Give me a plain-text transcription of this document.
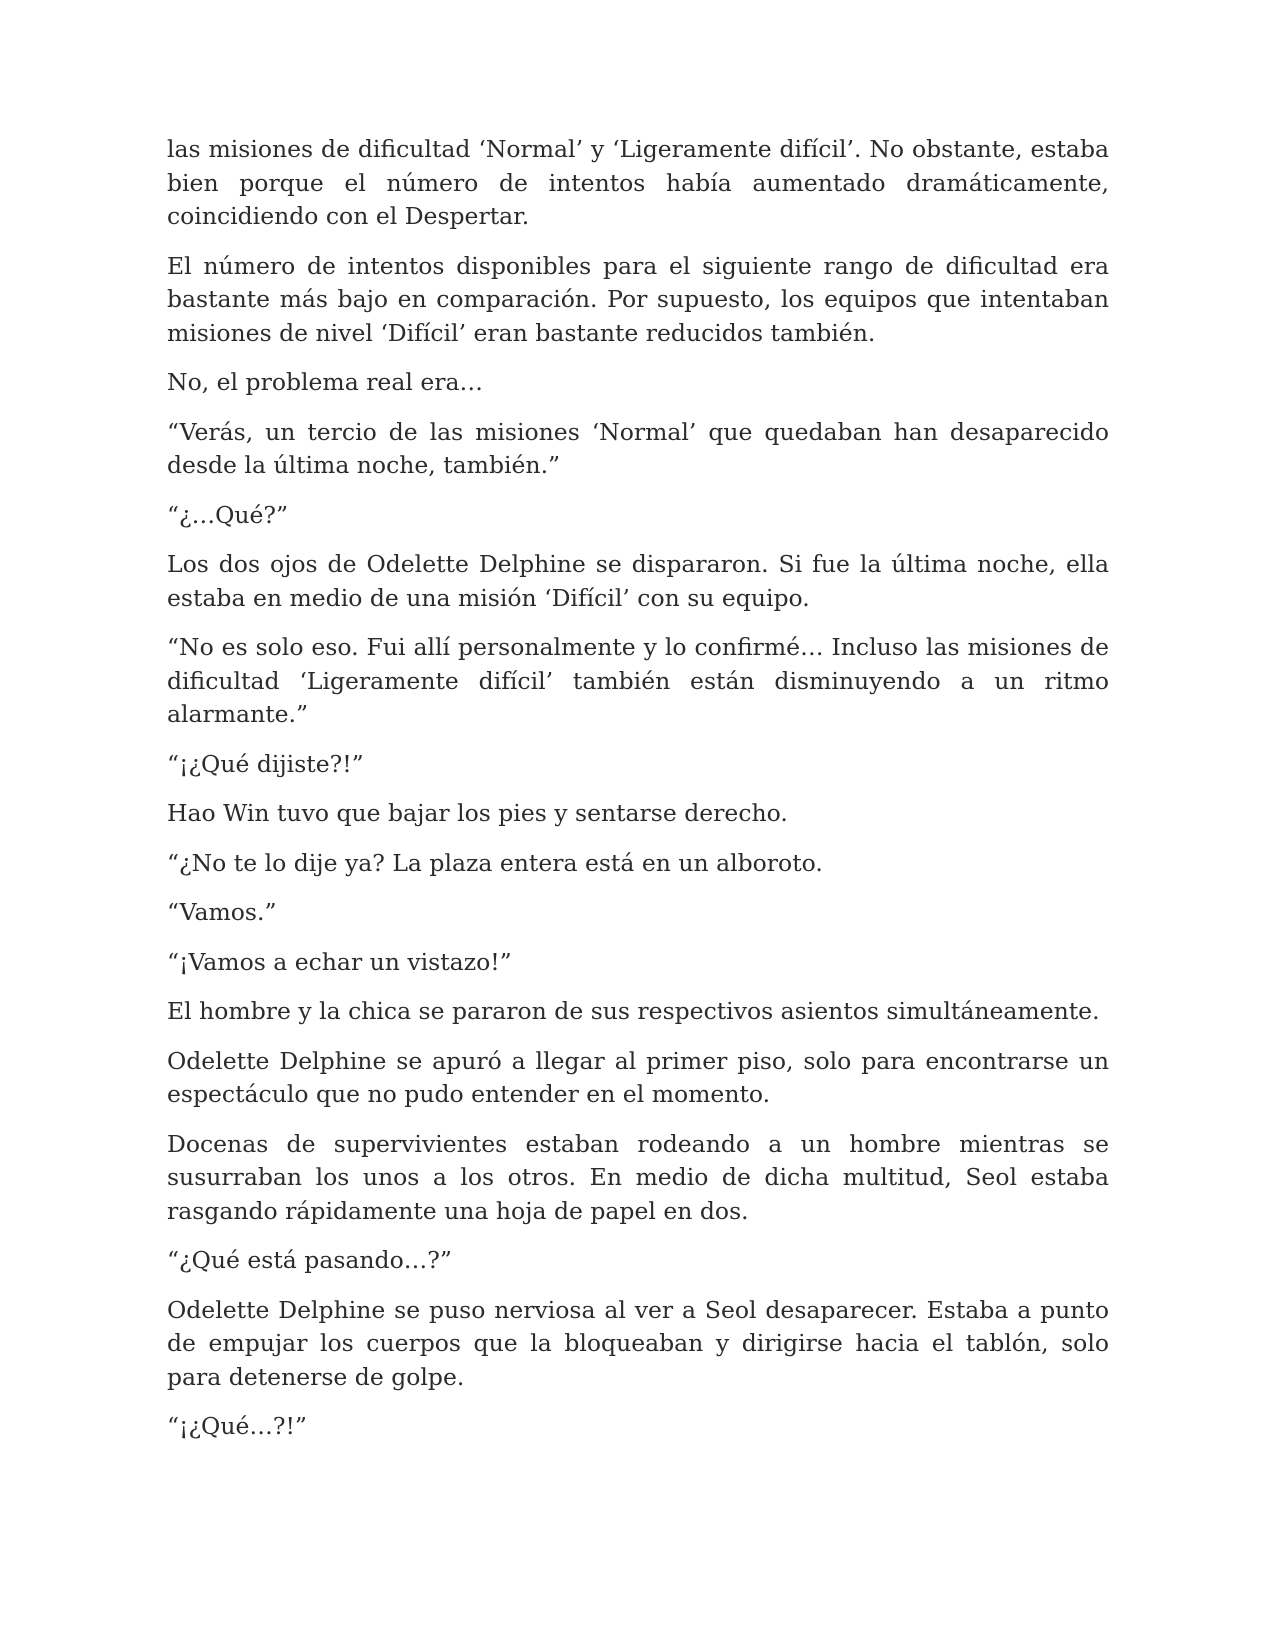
las misiones de dificultad ‘Normal’ y ‘Ligeramente difícil’. No obstante, estaba bien porque el número de intentos había aumentado dramáticamente, coincidiendo con el Despertar.

El número de intentos disponibles para el siguiente rango de dificultad era bastante más bajo en comparación. Por supuesto, los equipos que intentaban misiones de nivel ‘Difícil’ eran bastante reducidos también.

No, el problema real era…

“Verás, un tercio de las misiones ‘Normal’ que quedaban han desaparecido desde la última noche, también.”

“¿…Qué?”

Los dos ojos de Odelette Delphine se dispararon. Si fue la última noche, ella estaba en medio de una misión ‘Difícil’ con su equipo.

“No es solo eso. Fui allí personalmente y lo confirmé… Incluso las misiones de dificultad ‘Ligeramente difícil’ también están disminuyendo a un ritmo alarmante.”

“¡¿Qué dijiste?!”

Hao Win tuvo que bajar los pies y sentarse derecho.

“¿No te lo dije ya? La plaza entera está en un alboroto.

“Vamos.”

“¡Vamos a echar un vistazo!”

El hombre y la chica se pararon de sus respectivos asientos simultáneamente.

Odelette Delphine se apuró a llegar al primer piso, solo para encontrarse un espectáculo que no pudo entender en el momento.

Docenas de supervivientes estaban rodeando a un hombre mientras se susurraban los unos a los otros. En medio de dicha multitud, Seol estaba rasgando rápidamente una hoja de papel en dos.

“¿Qué está pasando…?”

Odelette Delphine se puso nerviosa al ver a Seol desaparecer. Estaba a punto de empujar los cuerpos que la bloqueaban y dirigirse hacia el tablón, solo para detenerse de golpe.

“¡¿Qué…?!”
